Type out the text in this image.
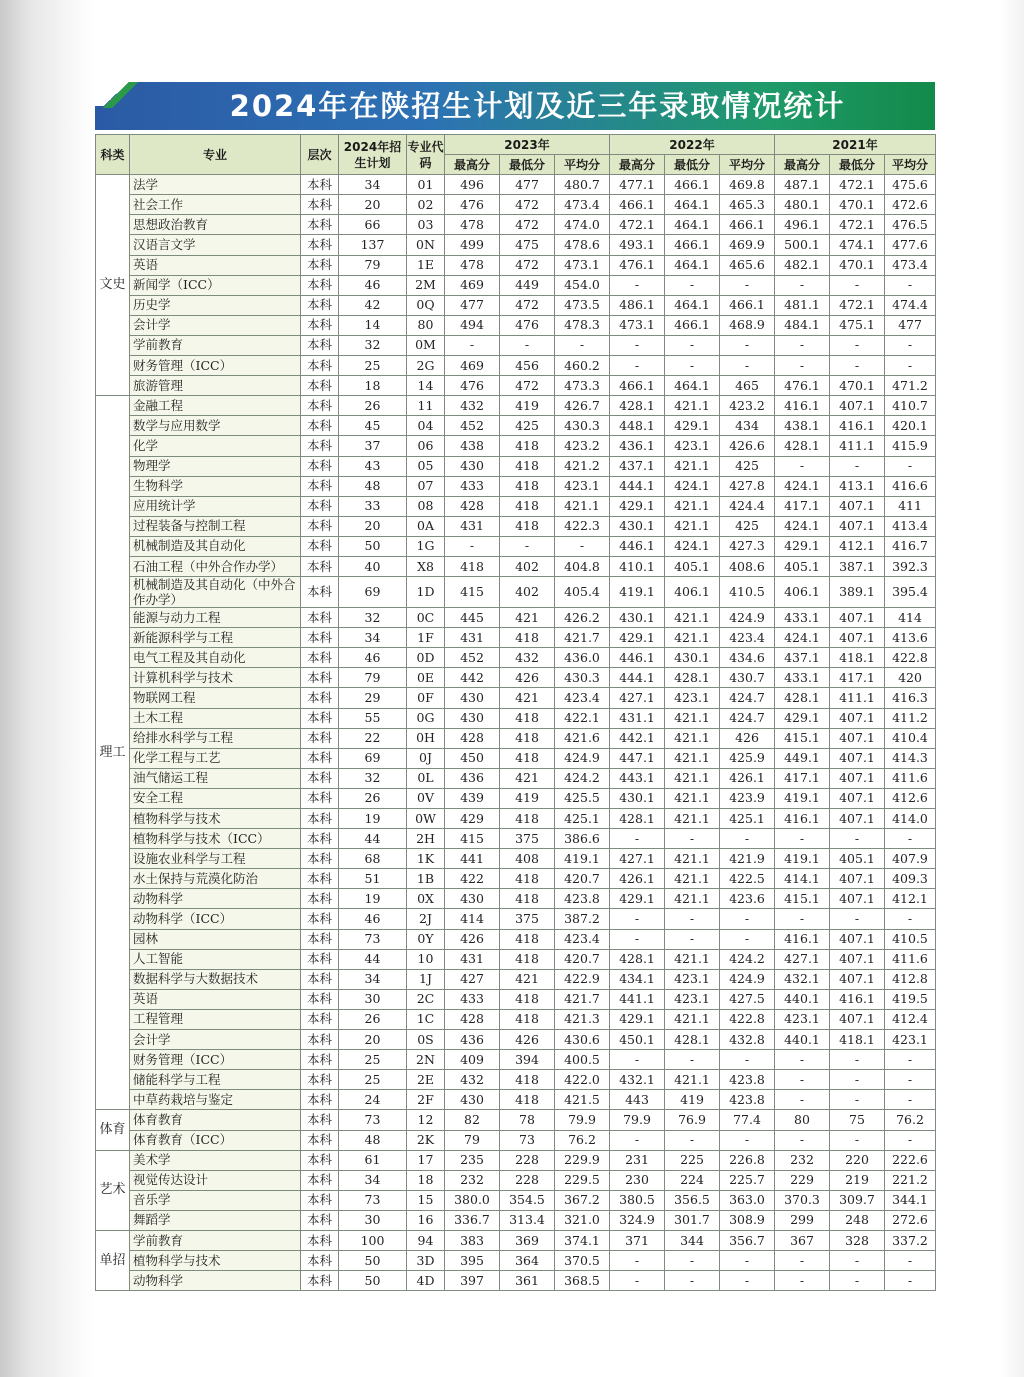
2024年在陕招生计划及近三年录取情况统计
科类	专业	层次	2024年招生计划	专业代码	2023年			2022年			2021年		
					最高分	最低分	平均分	最高分	最低分	平均分	最高分	最低分	平均分
文史	法学	本科	34	01	496	477	480.7	477.1	466.1	469.8	487.1	472.1	475.6
	社会工作	本科	20	02	476	472	473.4	466.1	464.1	465.3	480.1	470.1	472.6
	思想政治教育	本科	66	03	478	472	474.0	472.1	464.1	466.1	496.1	472.1	476.5
	汉语言文学	本科	137	0N	499	475	478.6	493.1	466.1	469.9	500.1	474.1	477.6
	英语	本科	79	1E	478	472	473.1	476.1	464.1	465.6	482.1	470.1	473.4
	新闻学（ICC）	本科	46	2M	469	449	454.0	-	-	-	-	-	-
	历史学	本科	42	0Q	477	472	473.5	486.1	464.1	466.1	481.1	472.1	474.4
	会计学	本科	14	80	494	476	478.3	473.1	466.1	468.9	484.1	475.1	477
	学前教育	本科	32	0M	-	-	-	-	-	-	-	-	-
	财务管理（ICC）	本科	25	2G	469	456	460.2	-	-	-	-	-	-
	旅游管理	本科	18	14	476	472	473.3	466.1	464.1	465	476.1	470.1	471.2
理工	金融工程	本科	26	11	432	419	426.7	428.1	421.1	423.2	416.1	407.1	410.7
	数学与应用数学	本科	45	04	452	425	430.3	448.1	429.1	434	438.1	416.1	420.1
	化学	本科	37	06	438	418	423.2	436.1	423.1	426.6	428.1	411.1	415.9
	物理学	本科	43	05	430	418	421.2	437.1	421.1	425	-	-	-
	生物科学	本科	48	07	433	418	423.1	444.1	424.1	427.8	424.1	413.1	416.6
	应用统计学	本科	33	08	428	418	421.1	429.1	421.1	424.4	417.1	407.1	411
	过程装备与控制工程	本科	20	0A	431	418	422.3	430.1	421.1	425	424.1	407.1	413.4
	机械制造及其自动化	本科	50	1G	-	-	-	446.1	424.1	427.3	429.1	412.1	416.7
	石油工程（中外合作办学）	本科	40	X8	418	402	404.8	410.1	405.1	408.6	405.1	387.1	392.3
	机械制造及其自动化（中外合作办学）	本科	69	1D	415	402	405.4	419.1	406.1	410.5	406.1	389.1	395.4
	能源与动力工程	本科	32	0C	445	421	426.2	430.1	421.1	424.9	433.1	407.1	414
	新能源科学与工程	本科	34	1F	431	418	421.7	429.1	421.1	423.4	424.1	407.1	413.6
	电气工程及其自动化	本科	46	0D	452	432	436.0	446.1	430.1	434.6	437.1	418.1	422.8
	计算机科学与技术	本科	79	0E	442	426	430.3	444.1	428.1	430.7	433.1	417.1	420
	物联网工程	本科	29	0F	430	421	423.4	427.1	423.1	424.7	428.1	411.1	416.3
	土木工程	本科	55	0G	430	418	422.1	431.1	421.1	424.7	429.1	407.1	411.2
	给排水科学与工程	本科	22	0H	428	418	421.6	442.1	421.1	426	415.1	407.1	410.4
	化学工程与工艺	本科	69	0J	450	418	424.9	447.1	421.1	425.9	449.1	407.1	414.3
	油气储运工程	本科	32	0L	436	421	424.2	443.1	421.1	426.1	417.1	407.1	411.6
	安全工程	本科	26	0V	439	419	425.5	430.1	421.1	423.9	419.1	407.1	412.6
	植物科学与技术	本科	19	0W	429	418	425.1	428.1	421.1	425.1	416.1	407.1	414.0
	植物科学与技术（ICC）	本科	44	2H	415	375	386.6	-	-	-	-	-	-
	设施农业科学与工程	本科	68	1K	441	408	419.1	427.1	421.1	421.9	419.1	405.1	407.9
	水土保持与荒漠化防治	本科	51	1B	422	418	420.7	426.1	421.1	422.5	414.1	407.1	409.3
	动物科学	本科	19	0X	430	418	423.8	429.1	421.1	423.6	415.1	407.1	412.1
	动物科学（ICC）	本科	46	2J	414	375	387.2	-	-	-	-	-	-
	园林	本科	73	0Y	426	418	423.4	-	-	-	416.1	407.1	410.5
	人工智能	本科	44	10	431	418	420.7	428.1	421.1	424.2	427.1	407.1	411.6
	数据科学与大数据技术	本科	34	1J	427	421	422.9	434.1	423.1	424.9	432.1	407.1	412.8
	英语	本科	30	2C	433	418	421.7	441.1	423.1	427.5	440.1	416.1	419.5
	工程管理	本科	26	1C	428	418	421.3	429.1	421.1	422.8	423.1	407.1	412.4
	会计学	本科	20	0S	436	426	430.6	450.1	428.1	432.8	440.1	418.1	423.1
	财务管理（ICC）	本科	25	2N	409	394	400.5	-	-	-	-	-	-
	储能科学与工程	本科	25	2E	432	418	422.0	432.1	421.1	423.8	-	-	-
	中草药栽培与鉴定	本科	24	2F	430	418	421.5	443	419	423.8	-	-	-
体育	体育教育	本科	73	12	82	78	79.9	79.9	76.9	77.4	80	75	76.2
	体育教育（ICC）	本科	48	2K	79	73	76.2	-	-	-	-	-	-
艺术	美术学	本科	61	17	235	228	229.9	231	225	226.8	232	220	222.6
	视觉传达设计	本科	34	18	232	228	229.5	230	224	225.7	229	219	221.2
	音乐学	本科	73	15	380.0	354.5	367.2	380.5	356.5	363.0	370.3	309.7	344.1
	舞蹈学	本科	30	16	336.7	313.4	321.0	324.9	301.7	308.9	299	248	272.6
单招	学前教育	本科	100	94	383	369	374.1	371	344	356.7	367	328	337.2
	植物科学与技术	本科	50	3D	395	364	370.5	-	-	-	-	-	-
	动物科学	本科	50	4D	397	361	368.5	-	-	-	-	-	-
